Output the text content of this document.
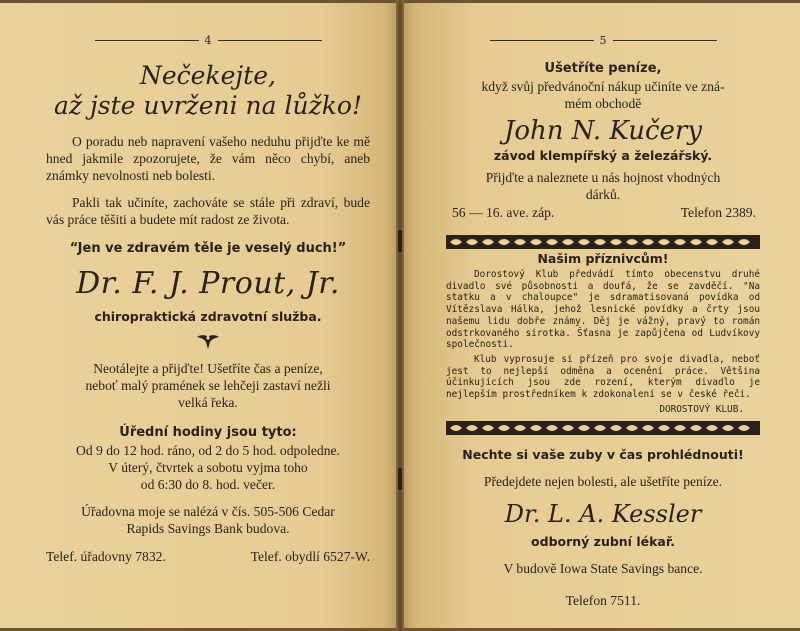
4
Nečekejte,
až jste uvrženi na lůžko!

O poradu neb napravení vašeho neduhu přijďte ke mě hned jakmile zpozorujete, že vám něco chybí, aneb známky nevolnosti neb bolesti.

Pakli tak učiníte, zachováte se stále při zdraví, bude vás práce těšiti a budete mít radost ze života.

“Jen ve zdravém těle je veselý duch!”
Dr. F. J. Prout, Jr.
chiropraktická zdravotní služba.
Neotálejte a přijďte! Ušetříte čas a peníze,
neboť malý pramének se lehčeji zastaví nežli
velká řeka.
Úřední hodiny jsou tyto:
Od 9 do 12 hod. ráno, od 2 do 5 hod. odpoledne.
V úterý, čtvrtek a sobotu vyjma toho
od 6:30 do 8. hod. večer.
Úřadovna moje se nalézá v čís. 505-506 Cedar
Rapids Savings Bank budova.
Telef. úřadovny 7832.	Telef. obydlí 6527-W.
5
Ušetříte peníze,
když svůj předvánoční nákup učiníte ve zná-
mém obchodě
John N. Kučery
závod klempířský a železářský.
Přijďte a naleznete u nás hojnost vhodných
dárků.
56 — 16. ave. záp.	Telefon 2389.
Našim příznivcům!

Dorostový Klub předvádí tímto obecenstvu druhé divadlo své působnosti a doufá, že se zavděčí. "Na statku a v chaloupce" je sdramatisovaná povídka od Vítězslava Hálka, jehož lesnické povídky a črty jsou našemu lidu dobře známy. Děj je vážný, pravý to román odstrkovaného sirotka. Šťasna je zapůjčena od Ludvíkovy společnosti.

Klub vyprosuje si přízeň pro svoje divadla, neboť jest to nejlepší odměna a ocenění práce. Většina účinkujících jsou zde rození, kterým divadlo je nejlepším prostředníkem k zdokonalení se v české řeči.

DOROSTOVÝ KLUB.
Nechte si vaše zuby v čas prohlédnouti!
Předejdete nejen bolesti, ale ušetříte peníze.
Dr. L. A. Kessler
odborný zubní lékař.
V budově Iowa State Savings bance.
Telefon 7511.
